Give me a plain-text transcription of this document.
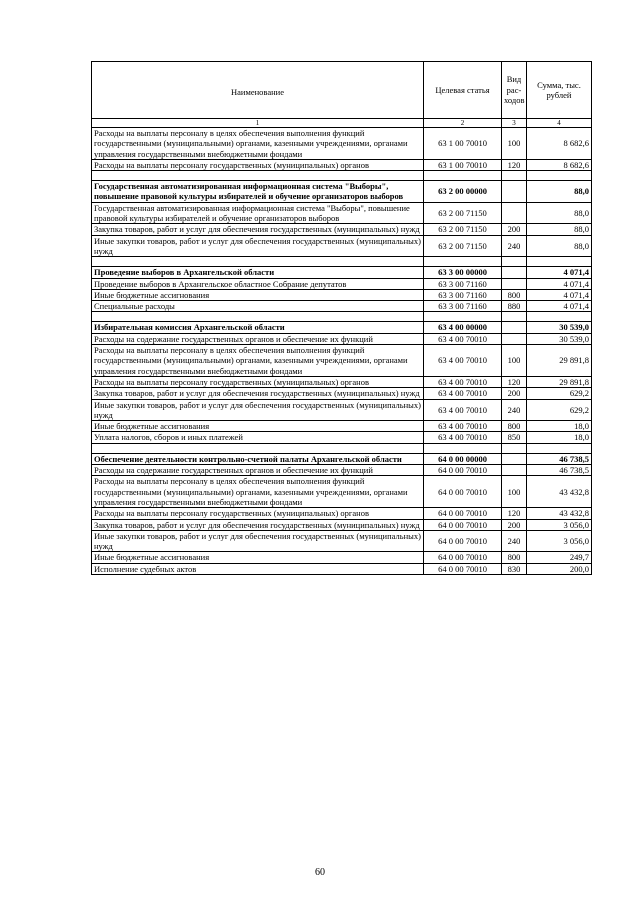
Наименование	Целевая статья	Вид рас-ходов	Сумма, тыс. рублей
1	2	3	4
Расходы на выплаты персоналу в целях обеспечения выполнения функций государственными (муниципальными) органами, казенными учреждениями, органами управления государственными внебюджетными фондами	63 1 00 70010	100	8 682,6
Расходы на выплаты персоналу государственных (муниципальных) органов	63 1 00 70010	120	8 682,6

Государственная автоматизированная информационная система "Выборы", повышение правовой культуры избирателей и обучение организаторов выборов	63 2 00 00000		88,0
Государственная автоматизированная информационная система "Выборы", повышение правовой культуры избирателей и обучение организаторов выборов	63 2 00 71150		88,0
Закупка товаров, работ и услуг для обеспечения государственных (муниципальных) нужд	63 2 00 71150	200	88,0
Иные закупки товаров, работ и услуг для обеспечения государственных (муниципальных) нужд	63 2 00 71150	240	88,0

Проведение выборов в Архангельской области	63 3 00 00000		4 071,4
Проведение выборов в Архангельское областное Собрание депутатов	63 3 00 71160		4 071,4
Иные бюджетные ассигнования	63 3 00 71160	800	4 071,4
Специальные расходы	63 3 00 71160	880	4 071,4

Избирательная комиссия Архангельской области	63 4 00 00000		30 539,0
Расходы на содержание государственных органов и обеспечение их функций	63 4 00 70010		30 539,0
Расходы на выплаты персоналу в целях обеспечения выполнения функций государственными (муниципальными) органами, казенными учреждениями, органами управления государственными внебюджетными фондами	63 4 00 70010	100	29 891,8
Расходы на выплаты персоналу государственных (муниципальных) органов	63 4 00 70010	120	29 891,8
Закупка товаров, работ и услуг для обеспечения государственных (муниципальных) нужд	63 4 00 70010	200	629,2
Иные закупки товаров, работ и услуг для обеспечения государственных (муниципальных) нужд	63 4 00 70010	240	629,2
Иные бюджетные ассигнования	63 4 00 70010	800	18,0
Уплата налогов, сборов и иных платежей	63 4 00 70010	850	18,0

Обеспечение деятельности контрольно-счетной палаты Архангельской области	64 0 00 00000		46 738,5
Расходы на содержание государственных органов и обеспечение их функций	64 0 00 70010		46 738,5
Расходы на выплаты персоналу в целях обеспечения выполнения функций государственными (муниципальными) органами, казенными учреждениями, органами управления государственными внебюджетными фондами	64 0 00 70010	100	43 432,8
Расходы на выплаты персоналу государственных (муниципальных) органов	64 0 00 70010	120	43 432,8
Закупка товаров, работ и услуг для обеспечения государственных (муниципальных) нужд	64 0 00 70010	200	3 056,0
Иные закупки товаров, работ и услуг для обеспечения государственных (муниципальных) нужд	64 0 00 70010	240	3 056,0
Иные бюджетные ассигнования	64 0 00 70010	800	249,7
Исполнение судебных актов	64 0 00 70010	830	200,0
60
